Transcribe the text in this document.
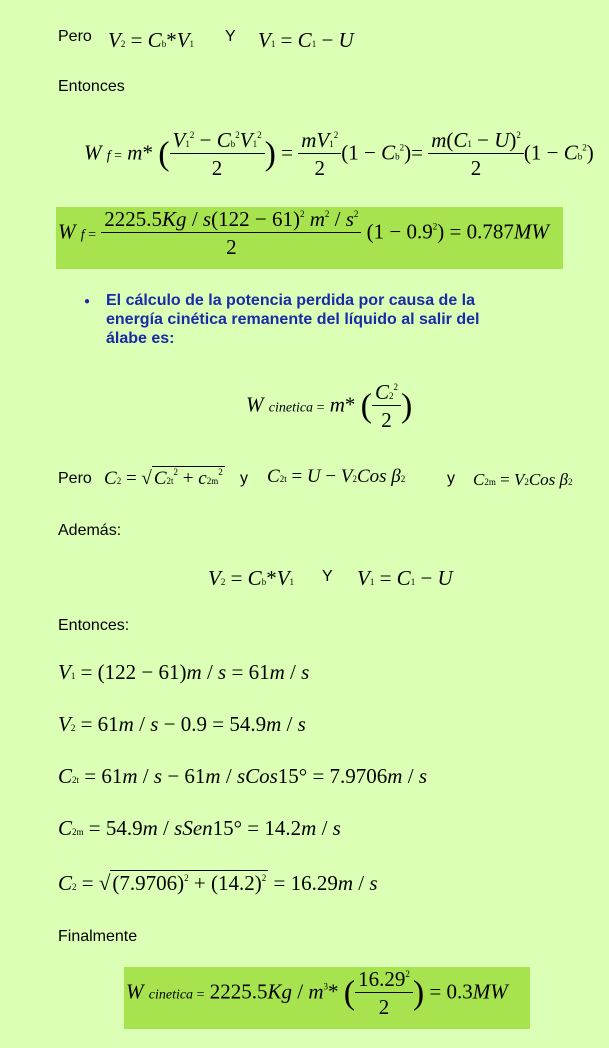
Pero V2 = Cb*V1 Y V1 = C1 − U
Entonces
W f = m* ( $\frac{V1^2 - Cb^2V1^2}{2}$ ) = $\frac{mV1^2}{2} (1 - Cb^2)= \frac{m(C1 - U)^2}{2} (1 - Cb^2)$
W $f = \frac{2225.5Kg / s(122 - 61)^2 m^2 / s^2}{2} (1 - 0.9^2) = 0.787MW$
● El cálculo de la potencia perdida por causa de la
energía cinética remanente del líquido al salir del
álabe es:
W cinetica = m* ( $\frac{C2^2}{2}$ )
Pero C2 = √ $C2t^2 + c2m^2$ y C2t = U − V2Cos β2	y C2m = V2Cos β2
Además:
V2 = Cb*V1 Y V1 = C1 − U
Entonces:
V1 = (122 − 61)m / s = 61m / s
V2 = 61m / s − 0.9 = 54.9m / s
C2t = 61m / s − 61m / sCos15° = 7.9706m / s
C2m = 54.9m / sSen15° = 14.2m / s
$C2 = √(7.9706)^2 + (14.2)^2 = 16.29m / s$
Finalmente
W cinetica = $2225.5Kg / m^3*$ ( $\frac{16.29^2}{2}$ ) = 0.3MW
